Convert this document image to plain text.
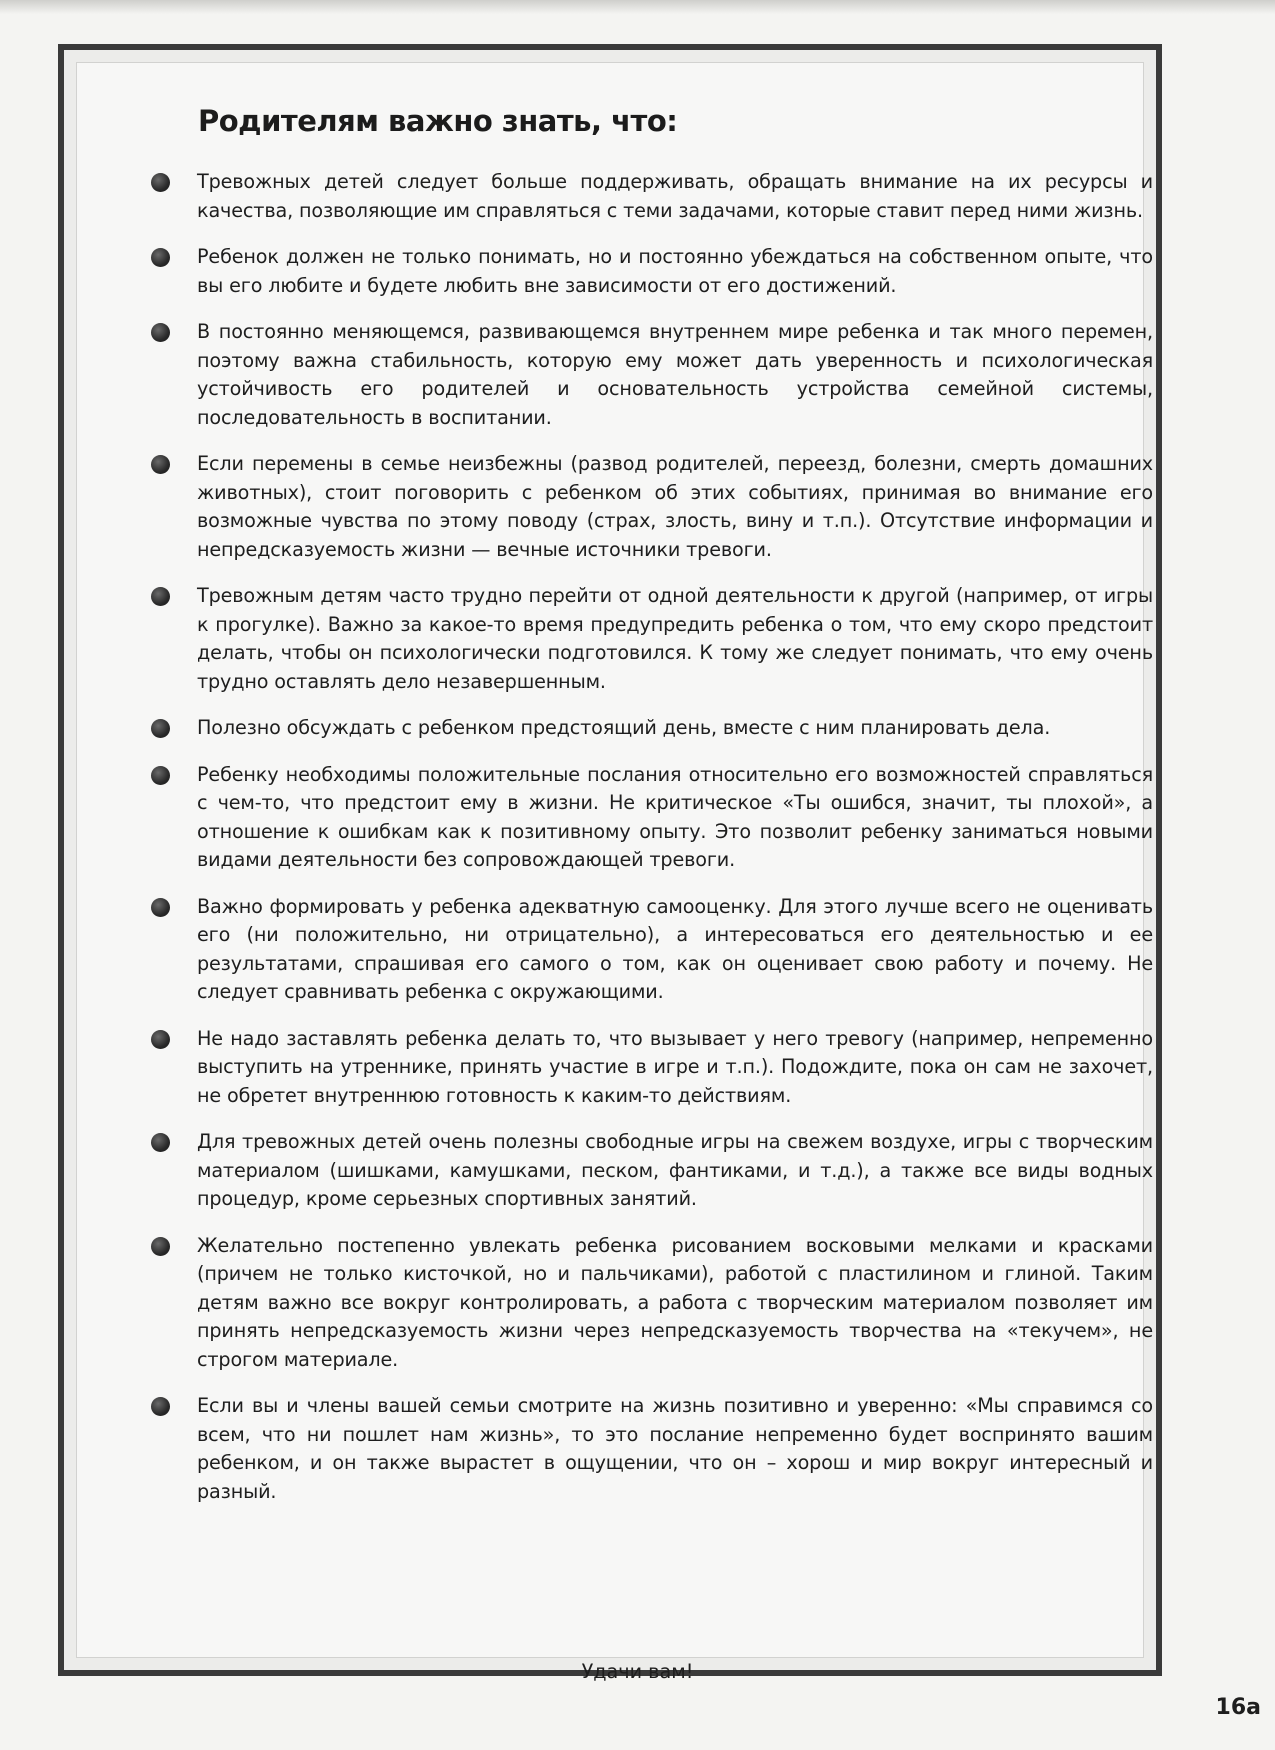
Родителям важно знать, что:
Тревожных детей следует больше поддерживать, обращать внимание на их ресурсы и качества, позволяющие им справляться с теми задачами, которые ставит перед ними жизнь.
Ребенок должен не только понимать, но и постоянно убеждаться на собственном опыте, что вы его любите и будете любить вне зависимости от его достижений.
В постоянно меняющемся, развивающемся внутреннем мире ребенка и так много перемен, поэтому важна стабильность, которую ему может дать уверенность и психологическая устойчивость его родителей и основательность устройства семейной системы, последовательность в воспитании.
Если перемены в семье неизбежны (развод родителей, переезд, болезни, смерть домашних животных), стоит поговорить с ребенком об этих событиях, принимая во внимание его возможные чувства по этому поводу (страх, злость, вину и т.п.). Отсутствие информации и непредсказуемость жизни — вечные источники тревоги.
Тревожным детям часто трудно перейти от одной деятельности к другой (например, от игры к прогулке). Важно за какое-то время предупредить ребенка о том, что ему скоро предстоит делать, чтобы он психологически подготовился. К тому же следует понимать, что ему очень трудно оставлять дело незавершенным.
Полезно обсуждать с ребенком предстоящий день, вместе с ним планировать дела.
Ребенку необходимы положительные послания относительно его возможностей справляться с чем-то, что предстоит ему в жизни. Не критическое «Ты ошибся, значит, ты плохой», а отношение к ошибкам как к позитивному опыту. Это позволит ребенку заниматься новыми видами деятельности без сопровождающей тревоги.
Важно формировать у ребенка адекватную самооценку. Для этого лучше всего не оценивать его (ни положительно, ни отрицательно), а интересоваться его деятельностью и ее результатами, спрашивая его самого о том, как он оценивает свою работу и почему. Не следует сравнивать ребенка с окружающими.
Не надо заставлять ребенка делать то, что вызывает у него тревогу (например, непременно выступить на утреннике, принять участие в игре и т.п.). Подождите, пока он сам не захочет, не обретет внутреннюю готовность к каким-то действиям.
Для тревожных детей очень полезны свободные игры на свежем воздухе, игры с творческим материалом (шишками, камушками, песком, фантиками, и т.д.), а также все виды водных процедур, кроме серьезных спортивных занятий.
Желательно постепенно увлекать ребенка рисованием восковыми мелками и красками (причем не только кисточкой, но и пальчиками), работой с пластилином и глиной. Таким детям важно все вокруг контролировать, а работа с творческим материалом позволяет им принять непредсказуемость жизни через непредсказуемость творчества на «текучем», не строгом материале.
Если вы и члены вашей семьи смотрите на жизнь позитивно и уверенно: «Мы справимся со всем, что ни пошлет нам жизнь», то это послание непременно будет воспринято вашим ребенком, и он также вырастет в ощущении, что он – хорош и мир вокруг интересный и разный.

Удачи вам!

16а
